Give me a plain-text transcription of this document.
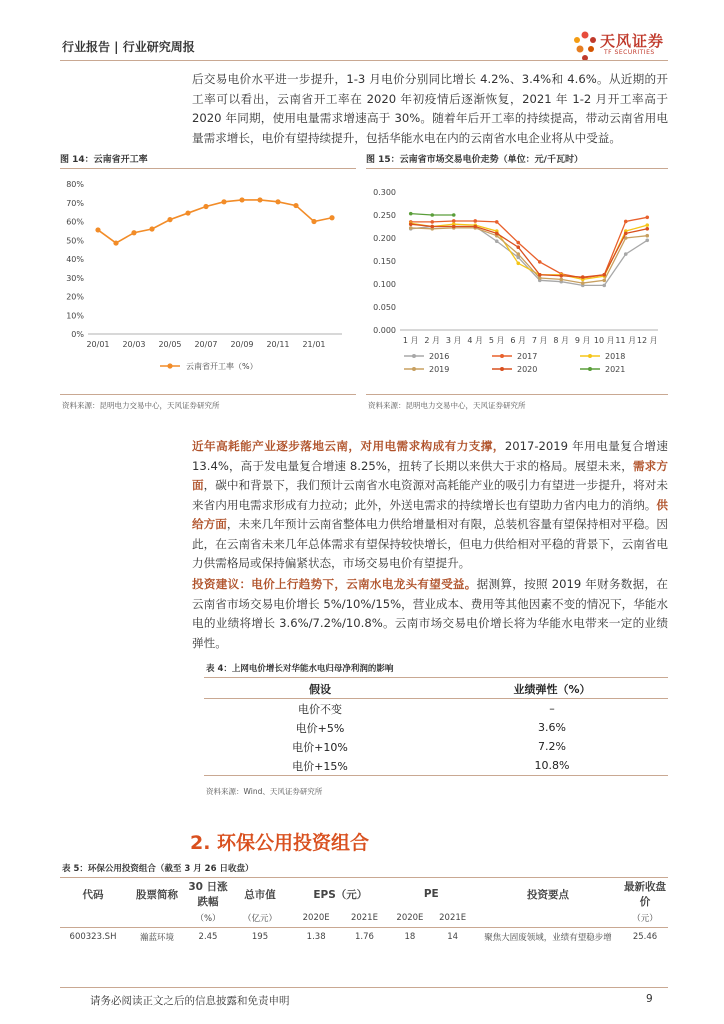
行业报告 | 行业研究周报	天风证券
TF SECURITIES
后交易电价水平进一步提升，1-3 月电价分别同比增长 4.2%、3.4%和 4.6%。从近期的开工率可以看出，云南省开工率在 2020 年初疫情后逐渐恢复，2021 年 1-2 月开工率高于 2020 年同期，使用电量需求增速高于 30%。随着年后开工率的持续提高，带动云南省用电量需求增长，电价有望持续提升，包括华能水电在内的云南省水电企业将从中受益。
图 14：云南省开工率
0%
10%
20%
30%
40%
50%
60%
70%
80%
20/01 20/03 20/05 20/07 20/09 20/11 21/01
云南省开工率（%）
资料来源：昆明电力交易中心，天风证券研究所
图 15：云南省市场交易电价走势（单位：元/千瓦时）
0.000
0.050
0.100
0.150
0.200
0.250
0.300
1 月 2 月 3 月 4 月 5 月 6 月 7 月 8 月 9 月 10 月 11 月 12 月
2016	2017	2018
2019	2020	2021
资料来源：昆明电力交易中心，天风证券研究所
近年高耗能产业逐步落地云南，对用电需求构成有力支撑，2017-2019 年用电量复合增速 13.4%，高于发电量复合增速 8.25%，扭转了长期以来供大于求的格局。展望未来，需求方面，碳中和背景下，我们预计云南省水电资源对高耗能产业的吸引力有望进一步提升，将对未来省内用电需求形成有力拉动；此外，外送电需求的持续增长也有望助力省内电力的消纳。供给方面，未来几年预计云南省整体电力供给增量相对有限，总装机容量有望保持相对平稳。因此，在云南省未来几年总体需求有望保持较快增长，但电力供给相对平稳的背景下，云南省电力供需格局或保持偏紧状态，市场交易电价有望提升。
投资建议：电价上行趋势下，云南水电龙头有望受益。据测算，按照 2019 年财务数据，在云南省市场交易电价增长 5%/10%/15%，营业成本、费用等其他因素不变的情况下，华能水电的业绩将增长 3.6%/7.2%/10.8%。云南市场交易电价增长将为华能水电带来一定的业绩弹性。
表 4：上网电价增长对华能水电归母净利润的影响
假设	业绩弹性（%）
电价不变	–
电价+5%	3.6%
电价+10%	7.2%
电价+15%	10.8%
资料来源：Wind、天风证券研究所
2. 环保公用投资组合
表 5：环保公用投资组合（截至 3 月 26 日收盘）
代码	股票简称	30 日涨跌幅	总市值	EPS（元）		PE		投资要点	最新收盘价
		（%）	（亿元）	2020E	2021E	2020E	2021E		（元）
600323.SH	瀚蓝环境	2.45	195	1.38	1.76	18	14	聚焦大固废领域，业绩有望稳步增	25.46
请务必阅读正文之后的信息披露和免责申明	9
